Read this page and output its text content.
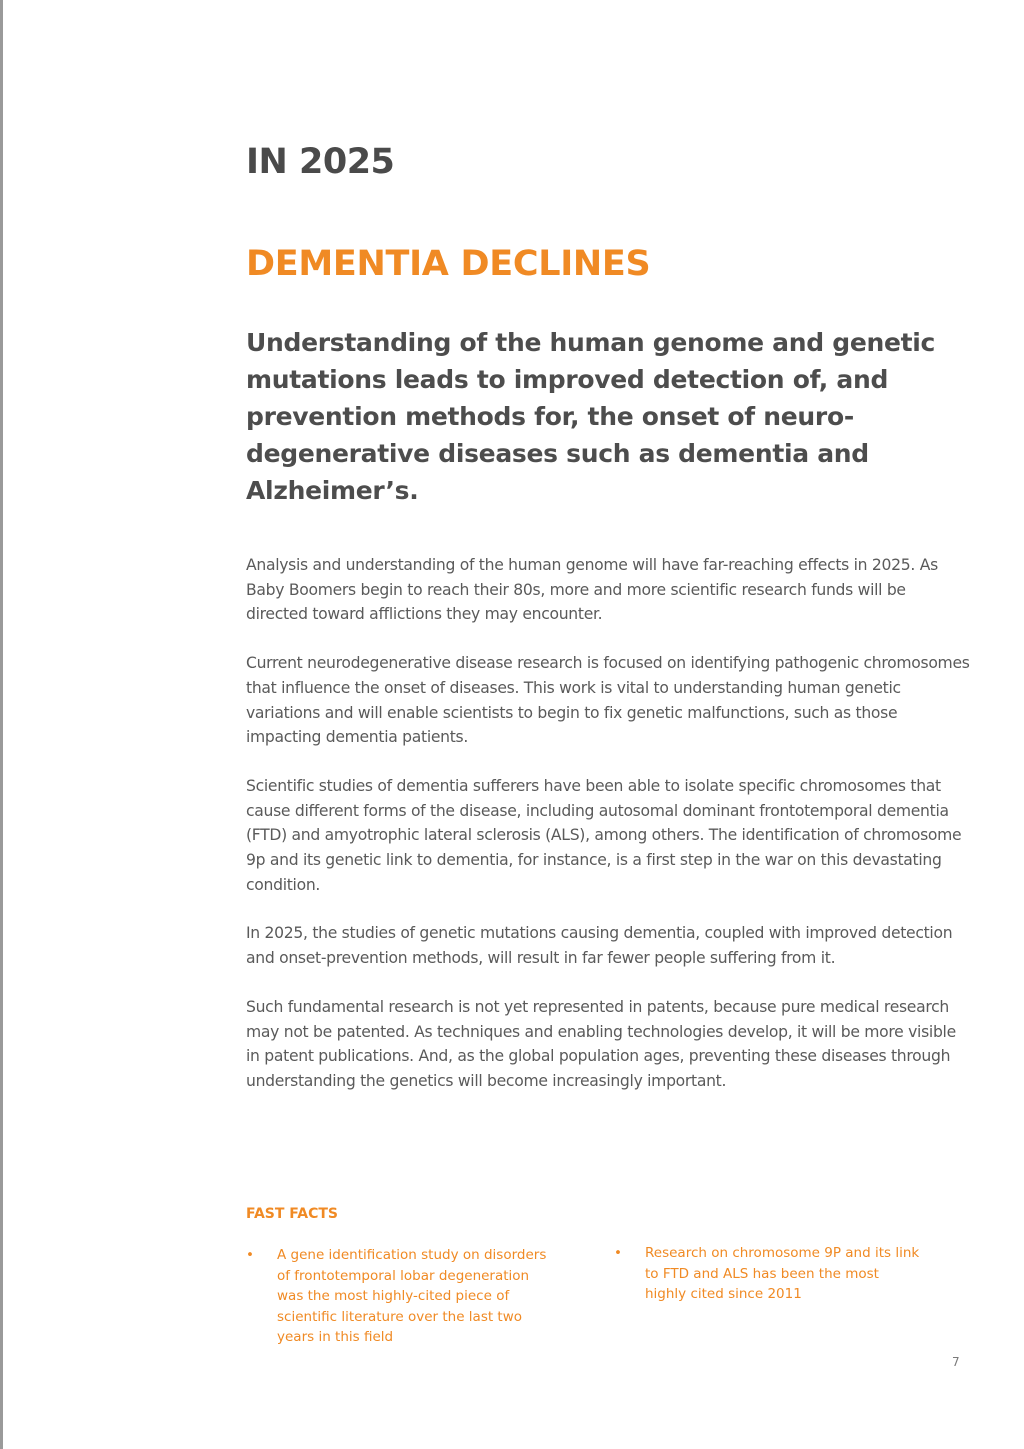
IN 2025
DEMENTIA DECLINES

Understanding of the human genome and genetic mutations leads to improved detection of, and prevention methods for, the onset of neuro-degenerative diseases such as dementia and Alzheimer’s.

Analysis and understanding of the human genome will have far-reaching effects in 2025. As Baby Boomers begin to reach their 80s, more and more scientific research funds will be directed toward afflictions they may encounter.

Current neurodegenerative disease research is focused on identifying pathogenic chromosomes that influence the onset of diseases. This work is vital to understanding human genetic variations and will enable scientists to begin to fix genetic malfunctions, such as those impacting dementia patients.

Scientific studies of dementia sufferers have been able to isolate specific chromosomes that cause different forms of the disease, including autosomal dominant frontotemporal dementia (FTD) and amyotrophic lateral sclerosis (ALS), among others. The identification of chromosome 9p and its genetic link to dementia, for instance, is a first step in the war on this devastating condition.

In 2025, the studies of genetic mutations causing dementia, coupled with improved detection and onset-prevention methods, will result in far fewer people suffering from it.

Such fundamental research is not yet represented in patents, because pure medical research may not be patented. As techniques and enabling technologies develop, it will be more visible in patent publications. And, as the global population ages, preventing these diseases through understanding the genetics will become increasingly important.

FAST FACTS
• A gene identification study on disorders of frontotemporal lobar degeneration was the most highly-cited piece of scientific literature over the last two years in this field
• Research on chromosome 9P and its link to FTD and ALS has been the most highly cited since 2011
7
